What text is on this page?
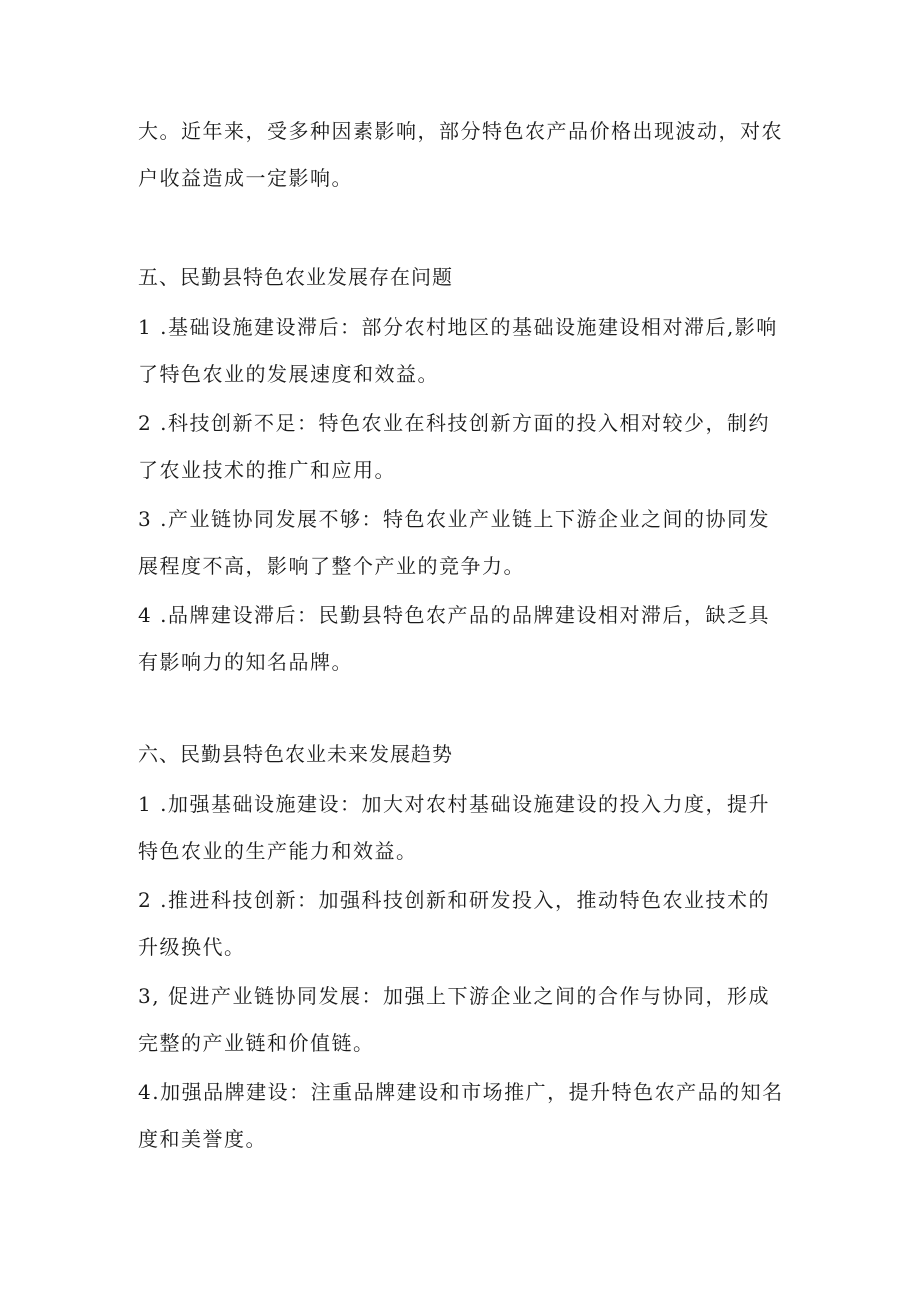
大。近年来，受多种因素影响，部分特色农产品价格出现波动，对农户收益造成一定影响。

五、民勤县特色农业发展存在问题

1 .基础设施建设滞后：部分农村地区的基础设施建设相对滞后,影响了特色农业的发展速度和效益。

2 .科技创新不足：特色农业在科技创新方面的投入相对较少，制约了农业技术的推广和应用。

3 .产业链协同发展不够：特色农业产业链上下游企业之间的协同发展程度不高，影响了整个产业的竞争力。

4 .品牌建设滞后：民勤县特色农产品的品牌建设相对滞后，缺乏具有影响力的知名品牌。

六、民勤县特色农业未来发展趋势

1 .加强基础设施建设：加大对农村基础设施建设的投入力度，提升特色农业的生产能力和效益。

2 .推进科技创新：加强科技创新和研发投入，推动特色农业技术的升级换代。

3, 促进产业链协同发展：加强上下游企业之间的合作与协同，形成完整的产业链和价值链。

4.加强品牌建设：注重品牌建设和市场推广，提升特色农产品的知名度和美誉度。
